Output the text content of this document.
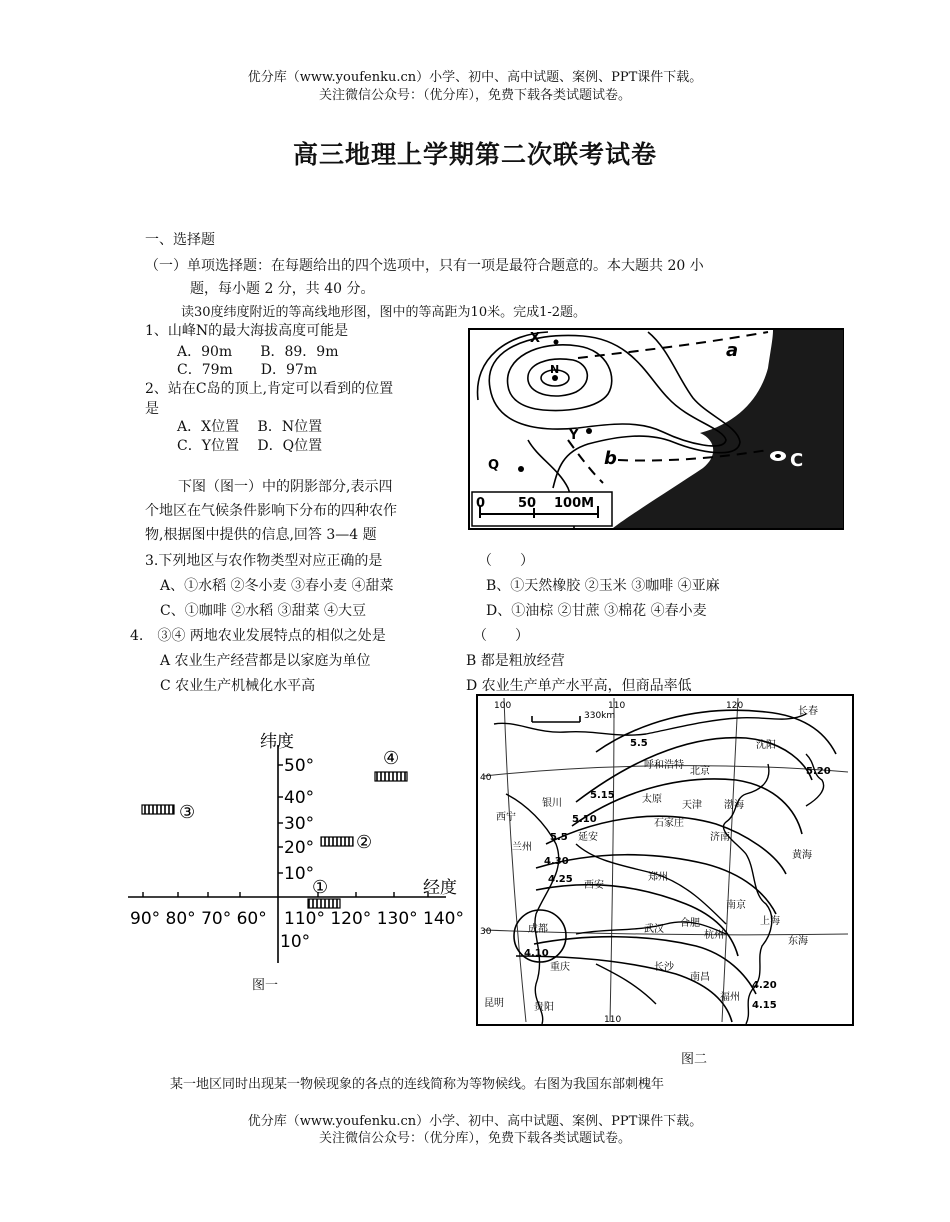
优分库（www.youfenku.cn）小学、初中、高中试题、案例、PPT课件下载。
关注微信公众号：（优分库），免费下载各类试题试卷。
高三地理上学期第二次联考试卷
一、选择题
（一）单项选择题：在每题给出的四个选项中，只有一项是最符合题意的。本大题共 20 小
题，每小题 2 分，共 40 分。
读30度纬度附近的等高线地形图，图中的等高距为10米。完成1-2题。
1、山峰N的最大海拔高度可能是
A．90m　　B．89．9m
C．79m　　D．97m
2、站在C岛的顶上,肯定可以看到的位置
是
A．X位置　 B．N位置
C．Y位置　 D．Q位置
下图（图一）中的阴影部分,表示四
个地区在气候条件影响下分布的四种农作
物,根据图中提供的信息,回答 3—4 题
3.下列地区与农作物类型对应正确的是	（　　）
A、①水稻 ②冬小麦 ③春小麦 ④甜菜	B、①天然橡胶 ②玉米 ③咖啡 ④亚麻
C、①咖啡 ②水稻 ③甜菜 ④大豆	D、①油棕 ②甘蔗 ③棉花 ④春小麦
4.　③④ 两地农业发展特点的相似之处是	（　　）
A 农业生产经营都是以家庭为单位	B 都是粗放经营
C 农业生产机械化水平高	D 农业生产单产水平高，但商品率低
X
N
Y
Q
a
b	C
0	50 100M
纬度
经度
50°
40°
30°
20°
10°
10°
90° 80° 70° 60° 110° 120° 130° 140°
①
②
③
④
图一
330km
100	110	120
110
40
30
长春
沈阳
呼和浩特
北京
银川	太原
天津 渤海
西宁
石家庄
济南
延安
兰州
郑州
黄海
西安
合肥
南京
上海
成都	武汉
杭州
重庆	长沙
南昌
东海
昆明	贵阳
福州
5.5
5.20
5.15
5.10
5.5
4.30
4.25
4.10
4.20
4.15
图二
某一地区同时出现某一物候现象的各点的连线简称为等物候线。右图为我国东部刺槐年
优分库（www.youfenku.cn）小学、初中、高中试题、案例、PPT课件下载。
关注微信公众号：（优分库），免费下载各类试题试卷。
